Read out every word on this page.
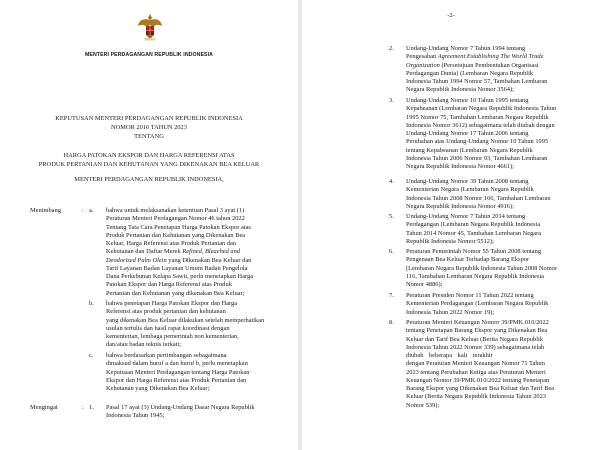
MENTERI PERDAGANGAN REPUBLIK INDONESIA
KEPUTUSAN MENTERI PERDAGANGAN REPUBLIK INDONESIA
NOMOR 2016 TAHUN 2023
TENTANG
HARGA PATOKAN EKSPOR DAN HARGA REFERENSI ATAS
PRODUK PERTANIAN DAN KEHUTANAN YANG DIKENAKAN BEA KELUAR
MENTERI PERDAGANGAN REPUBLIK INDONESIA,
Menimbang	: a.	bahwa untuk melaksanakan ketentuan Pasal 3 ayat (1)
Peraturan Menteri Perdagangan Nomor 46 tahun 2022
Tentang Tata Cara Penetapan Harga Patokan Ekspor atas
Produk Pertanian dan Kehutanan yang Dikenakan Bea
Keluar, Harga Referensi atas Produk Pertanian dan
Kehutanan dan Daftar Merek Refined, Bleached and
Deodorized Palm Olein yang Dikenakan Bea Keluar dan
Tarif Layanan Badan Layanan Umum Badan Pengelola
Dana Perkebunan Kelapa Sawit, perlu menetapkan Harga
Patokan Ekspor dan Harga Referensi atas Produk
Pertanian dan Kehutanan yang dikenakan Bea Keluar;
b.	bahwa penetapan Harga Patokan Ekspor dan Harga
Referensi atas produk pertanian dan kehutanan
yang dikenakan Bea Keluar dilakukan setelah memperhatikan
usulan tertulis dan hasil rapat koordinasi dengan
kementerian, lembaga pemerintah non kementerian,
dan/atau badan teknis terkait;
c.	bahwa berdasarkan pertimbangan sebagaimana
dimaksud dalam huruf a dan huruf b, perlu menetapkan
Keputusan Menteri Perdagangan tentang Harga Patokan
Ekspor dan Harga Referensi atas Produk Pertanian dan
Kehutanan yang Dikenakan Bea Keluar;
Mengingat	: 1.	Pasal 17 ayat (3) Undang-Undang Dasar Negara Republik
Indonesia Tahun 1945;
-2-
2.	Undang-Undang Nomor 7 Tahun 1994 tentang
Pengesahan Agreement Establishing The World Trade
Organization (Persetujuan Pembentukan Organisasi
Perdagangan Dunia) (Lembaran Negara Republik
Indonesia Tahun 1994 Nomor 57, Tambahan Lembaran
Negara Republik Indonesia Nomor 3564);
3.	Undang-Undang Nomor 10 Tahun 1995 tentang
Kepabeanan (Lembaran Negara Republik Indonesia Tahun
1995 Nomor 75, Tambahan Lembaran Negara Republik
Indonesia Nomor 3612) sebagaimana telah diubah dengan
Undang-Undang Nomor 17 Tahun 2006 tentang
Perubahan atas Undang-Undang Nomor 10 Tahun 1995
tentang Kepabeanan (Lembaran Negara Republik
Indonesia Tahun 2006 Nomor 93, Tambahan Lembaran
Negara Republik Indonesia Nomor 4661);
4.	Undang-Undang Nomor 39 Tahun 2008 tentang
Kementerian Negara (Lembaran Negara Republik
Indonesia Tahun 2008 Nomor 166, Tambahan Lembaran
Negara Republik Indonesia Nomor 4916);
5.	Undang-Undang Nomor 7 Tahun 2014 tentang
Perdagangan (Lembaran Negara Republik Indonesia
Tahun 2014 Nomor 45, Tambahan Lembaran Negara
Republik Indonesia Nomor 5512);
6.	Peraturan Pemerintah Nomor 55 Tahun 2008 tentang
Pengenaan Bea Keluar Terhadap Barang Ekspor
(Lembaran Negara Republik Indonesia Tahun 2008 Nomor
116, Tambahan Lembaran Negara Republik Indonesia
Nomor 4886);
7.	Peraturan Presiden Nomor 11 Tahun 2022 tentang
Kementerian Perdagangan (Lembaran Negara Republik
Indonesia Tahun 2022 Nomor 19);
8.	Peraturan Menteri Keuangan Nomor 39/PMK.010/2022
tentang Penetapan Barang Ekspor yang Dikenakan Bea
Keluar dan Tarif Bea Keluar (Berita Negara Republik
Indonesia Tahun 2022 Nomor 339) sebagaimana telah
diubah beberapa kali terakhir
dengan Peraturan Menteri Keuangan Nomor 71 Tahun
2023 tentang Perubahan Ketiga atas Peraturan Menteri
Keuangan Nomor 39/PMK.010/2022 tentang Penetapan
Barang Ekspor yang Dikenakan Bea Keluar dan Tarif Bea
Keluar (Berita Negara Republik Indonesia Tahun 2023
Nomor 539);
